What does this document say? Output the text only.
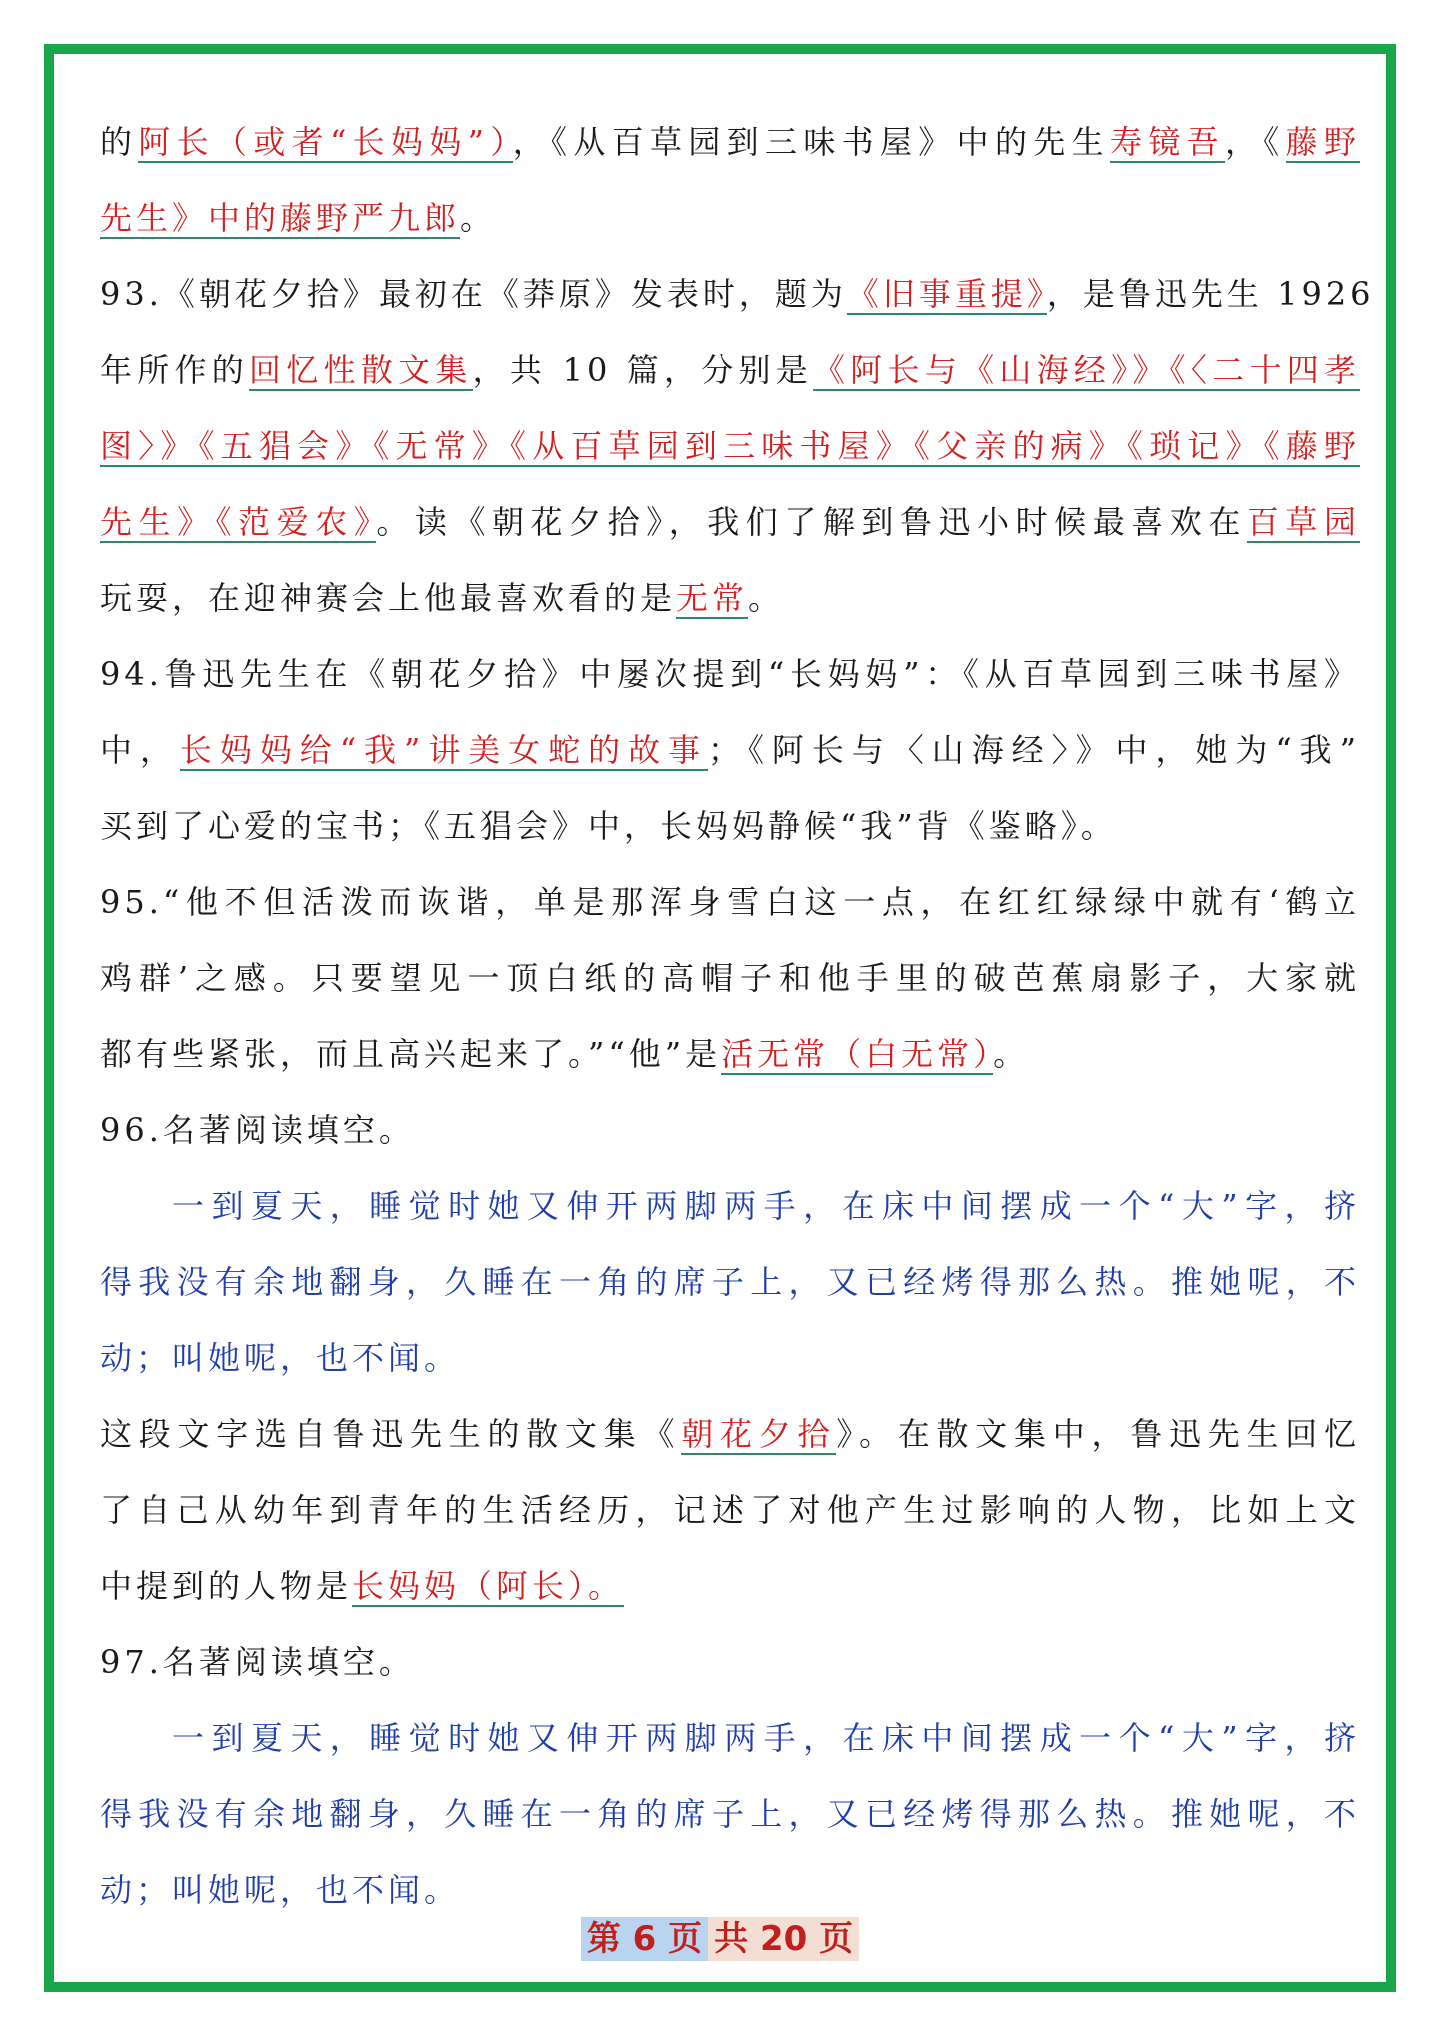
的阿长（或者“长妈妈”），《从百草园到三味书屋》中的先生寿镜吾，《藤野
先生》中的藤野严九郎。
93.《朝花夕拾》最初在《莽原》发表时，题为《旧事重提》，是鲁迅先生 1926
年所作的回忆性散文集，共 10 篇，分别是《阿长与《山海经》》《〈二十四孝
图〉》《五猖会》《无常》《从百草园到三味书屋》《父亲的病》《琐记》《藤野
先生》《范爱农》。读《朝花夕拾》，我们了解到鲁迅小时候最喜欢在百草园
玩耍，在迎神赛会上他最喜欢看的是无常。
94.鲁迅先生在《朝花夕拾》中屡次提到“长妈妈”：《从百草园到三味书屋》
中，长妈妈给“我”讲美女蛇的故事；《阿长与〈山海经〉》中，她为“我”
买到了心爱的宝书；《五猖会》中，长妈妈静候“我”背《鉴略》。
95.“他不但活泼而诙谐，单是那浑身雪白这一点，在红红绿绿中就有‘鹤立
鸡群’之感。只要望见一顶白纸的高帽子和他手里的破芭蕉扇影子，大家就
都有些紧张，而且高兴起来了。”“他”是活无常（白无常）。
96.名著阅读填空。
一到夏天，睡觉时她又伸开两脚两手，在床中间摆成一个“大”字，挤
得我没有余地翻身，久睡在一角的席子上，又已经烤得那么热。推她呢，不
动；叫她呢，也不闻。
这段文字选自鲁迅先生的散文集《朝花夕拾》。在散文集中，鲁迅先生回忆
了自己从幼年到青年的生活经历，记述了对他产生过影响的人物，比如上文
中提到的人物是长妈妈（阿长）。
97.名著阅读填空。
一到夏天，睡觉时她又伸开两脚两手，在床中间摆成一个“大”字，挤
得我没有余地翻身，久睡在一角的席子上，又已经烤得那么热。推她呢，不
动；叫她呢，也不闻。
第 6 页 共 20 页
